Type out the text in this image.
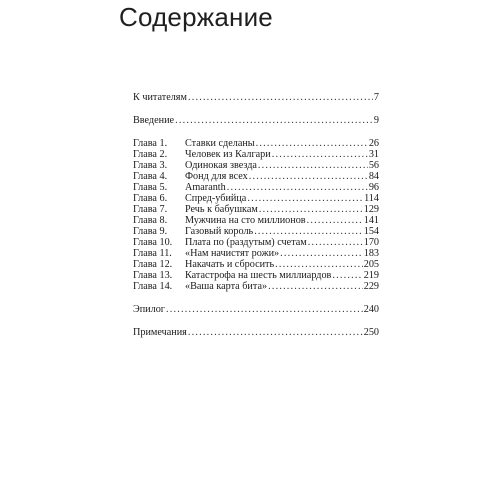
Содержание
К читателям .....	7
Введение .....	9
Глава 1.	Ставки сделаны .....	26
Глава 2.	Человек из Калгари .....	31
Глава 3.	Одинокая звезда .....	56
Глава 4.	Фонд для всех .....	84
Глава 5.	Amaranth .....	96
Глава 6.	Спред-убийца .....	114
Глава 7.	Речь к бабушкам .....	129
Глава 8.	Мужчина на сто миллионов .....	141
Глава 9.	Газовый король .....	154
Глава 10.	Плата по (раздутым) счетам .....	170
Глава 11.	«Нам начистят рожи» .....	183
Глава 12.	Накачать и сбросить .....	205
Глава 13.	Катастрофа на шесть миллиардов .....	219
Глава 14.	«Ваша карта бита» .....	229
Эпилог .....	240
Примечания .....	250
